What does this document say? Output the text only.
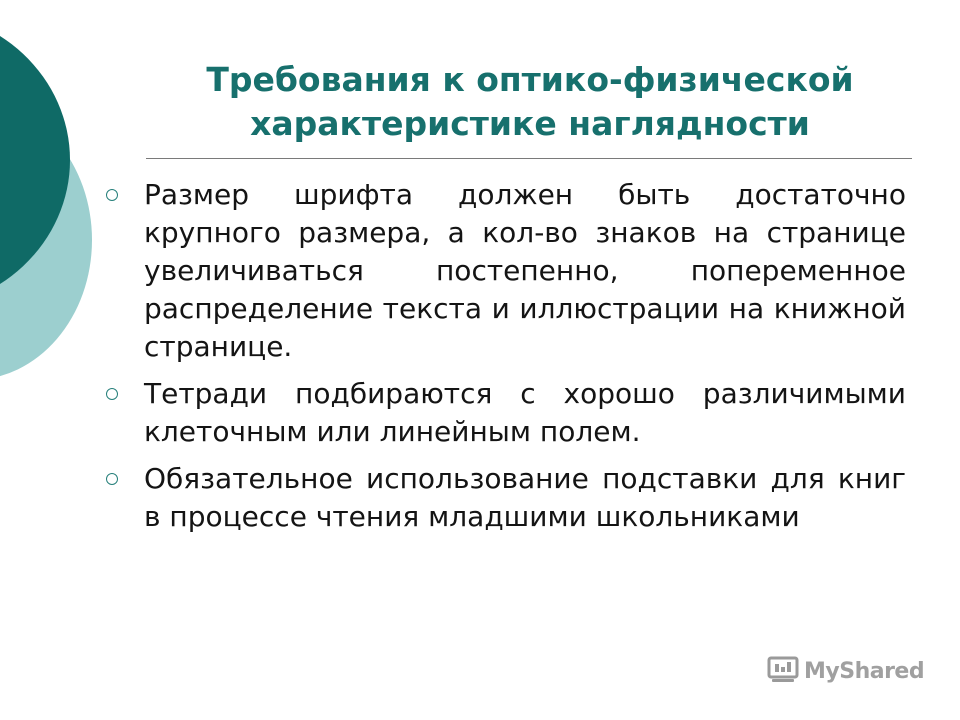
Требования к оптико-физической
характеристике наглядности
Размер шрифта должен быть достаточно крупного размера, а кол-во знаков на странице увеличиваться постепенно, попеременное распределение текста и иллюстрации на книжной странице.
Тетради подбираются с хорошо различимыми клеточным или линейным полем.
Обязательное использование подставки для книг в процессе чтения младшими школьниками
MyShared
